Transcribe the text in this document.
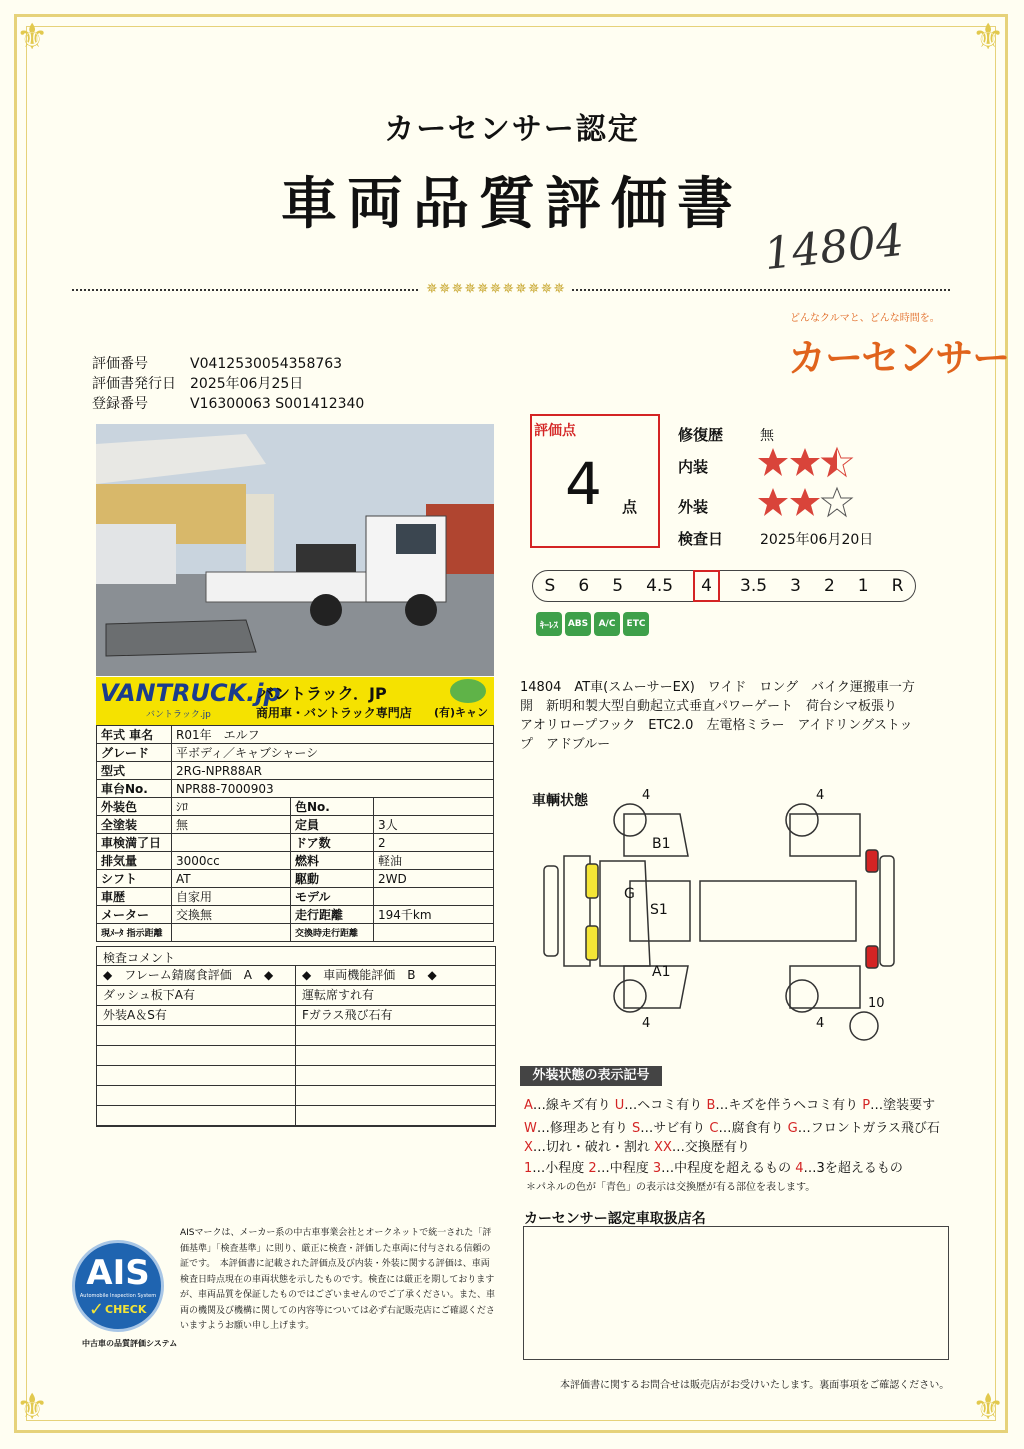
⚜	⚜
⚜	⚜
カーセンサー認定
車両品質評価書
14804
✵✵✵✵✵✵✵✵✵✵✵
どんなクルマと、どんな時間を。
カーセンサー
評価番号	V0412530054358763
評価書発行日 2025年06月25日
登録番号	V16300063 S001412340
VANTRUCK.jp
バントラック.jp
バントラック．JP
商用車・バントラック専門店 (有)キャン
年式 車名	R01年　エルフ		
グレード	平ボディ／キャブシャーシ		
型式	2RG-NPR88AR		
車台No.	NPR88-7000903		
外装色	ｼﾛ	色No.	
全塗装	無	定員	3人
車検満了日		ドア数	2
排気量	3000cc	燃料	軽油
シフト	AT	駆動	2WD
車歴	自家用	モデル	
メーター	交換無	走行距離	194千km
現ﾒｰﾀ 指示距離		交換時走行距離	
検査コメント
◆　フレーム錆腐食評価　A　◆	◆　車両機能評価　B　◆
ダッシュ板下A有	運転席すれ有
外装A＆S有	Fガラス飛び石有
評価点
4 点
修復歴	無
内装
外装
検査日	2025年06月20日
S 6 5 4.5	4	3.5 3 2 1 R
ｷｰﾚｽ	ABS	A/C	ETC
14804　AT車(スムーサーEX)　ワイド　ロング　バイク運搬車一方開　新明和製大型自動起立式垂直パワーゲート　荷台シマ板張り　アオリロープフック　ETC2.0　左電格ミラー　アイドリングストップ　アドブルー
車輌状態	4	4
B1
G
S1
A1
4	4
10
外装状態の表示記号
A…線キズ有り U…ヘコミ有り B…キズを伴うヘコミ有り P…塗装要す
W…修理あと有り S…サビ有り C…腐食有り G…フロントガラス飛び石
X…切れ・破れ・割れ XX…交換歴有り
1…小程度 2…中程度 3…中程度を超えるもの 4…3を超えるもの
＊パネルの色が「青色」の表示は交換歴が有る部位を表します。
カーセンサー認定車取扱店名
AIS
Automobile Inspection System
CHECK
✓
中古車の品質評価システム
AISマークは、メーカー系の中古車事業会社とオークネットで統一された「評価基準」「検査基準」に則り、厳正に検査・評価した車両に付与される信頼の証です。　本評価書に記載された評価点及び内装・外装に関する評価は、車両検査日時点現在の車両状態を示したものです。検査には厳正を期しておりますが、車両品質を保証したものではございませんのでご了承ください。また、車両の機関及び機構に関しての内容等については必ず右記販売店にご確認くださいますようお願い申し上げます。
本評価書に関するお問合せは販売店がお受けいたします。裏面事項をご確認ください。
